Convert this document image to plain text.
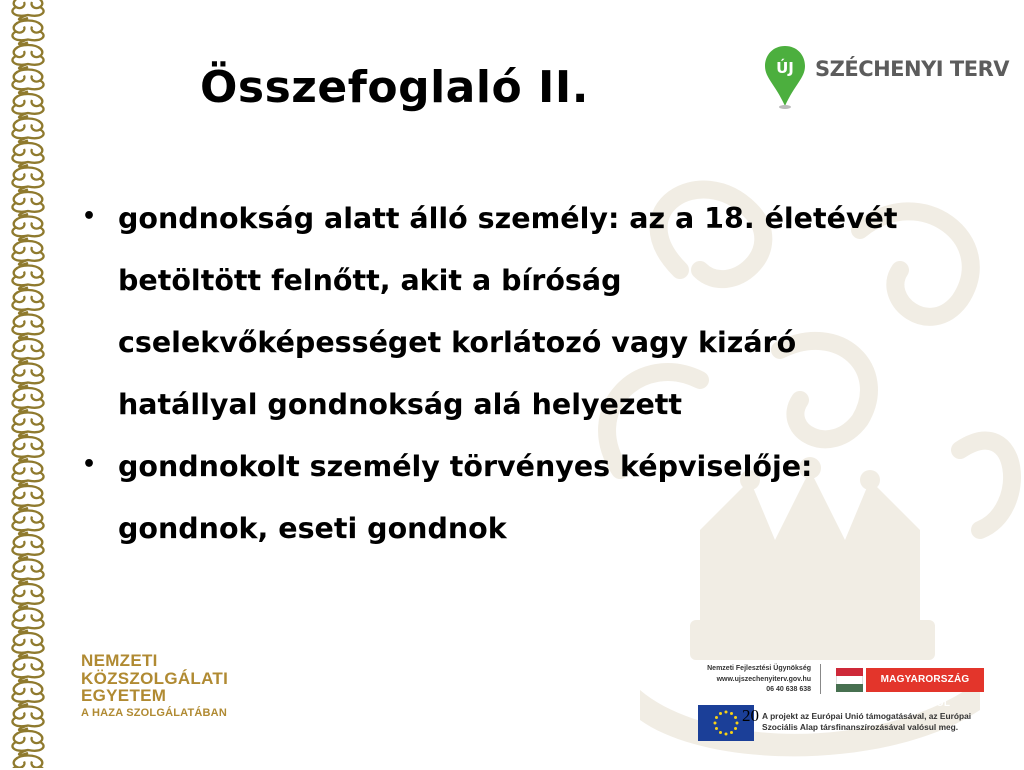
Összefoglaló II.	ÚJ SZÉCHENYI TERV
• gondnokság alatt álló személy: az a 18. életévét betöltött felnőtt, akit a bíróság cselekvőképességet korlátozó vagy kizáró hatállyal gondnokság alá helyezett
• gondnokolt személy törvényes képviselője: gondnok, eseti gondnok
NEMZETI
KÖZSZOLGÁLATI
EGYETEM
A HAZA SZOLGÁLATÁBAN
Nemzeti Fejlesztési Ügynökség
www.ujszechenyiterv.gov.hu
06 40 638 638
MAGYARORSZÁG MEGÚJUL
20 A projekt az Európai Unió támogatásával, az Európai
Szociális Alap társfinanszírozásával valósul meg.
